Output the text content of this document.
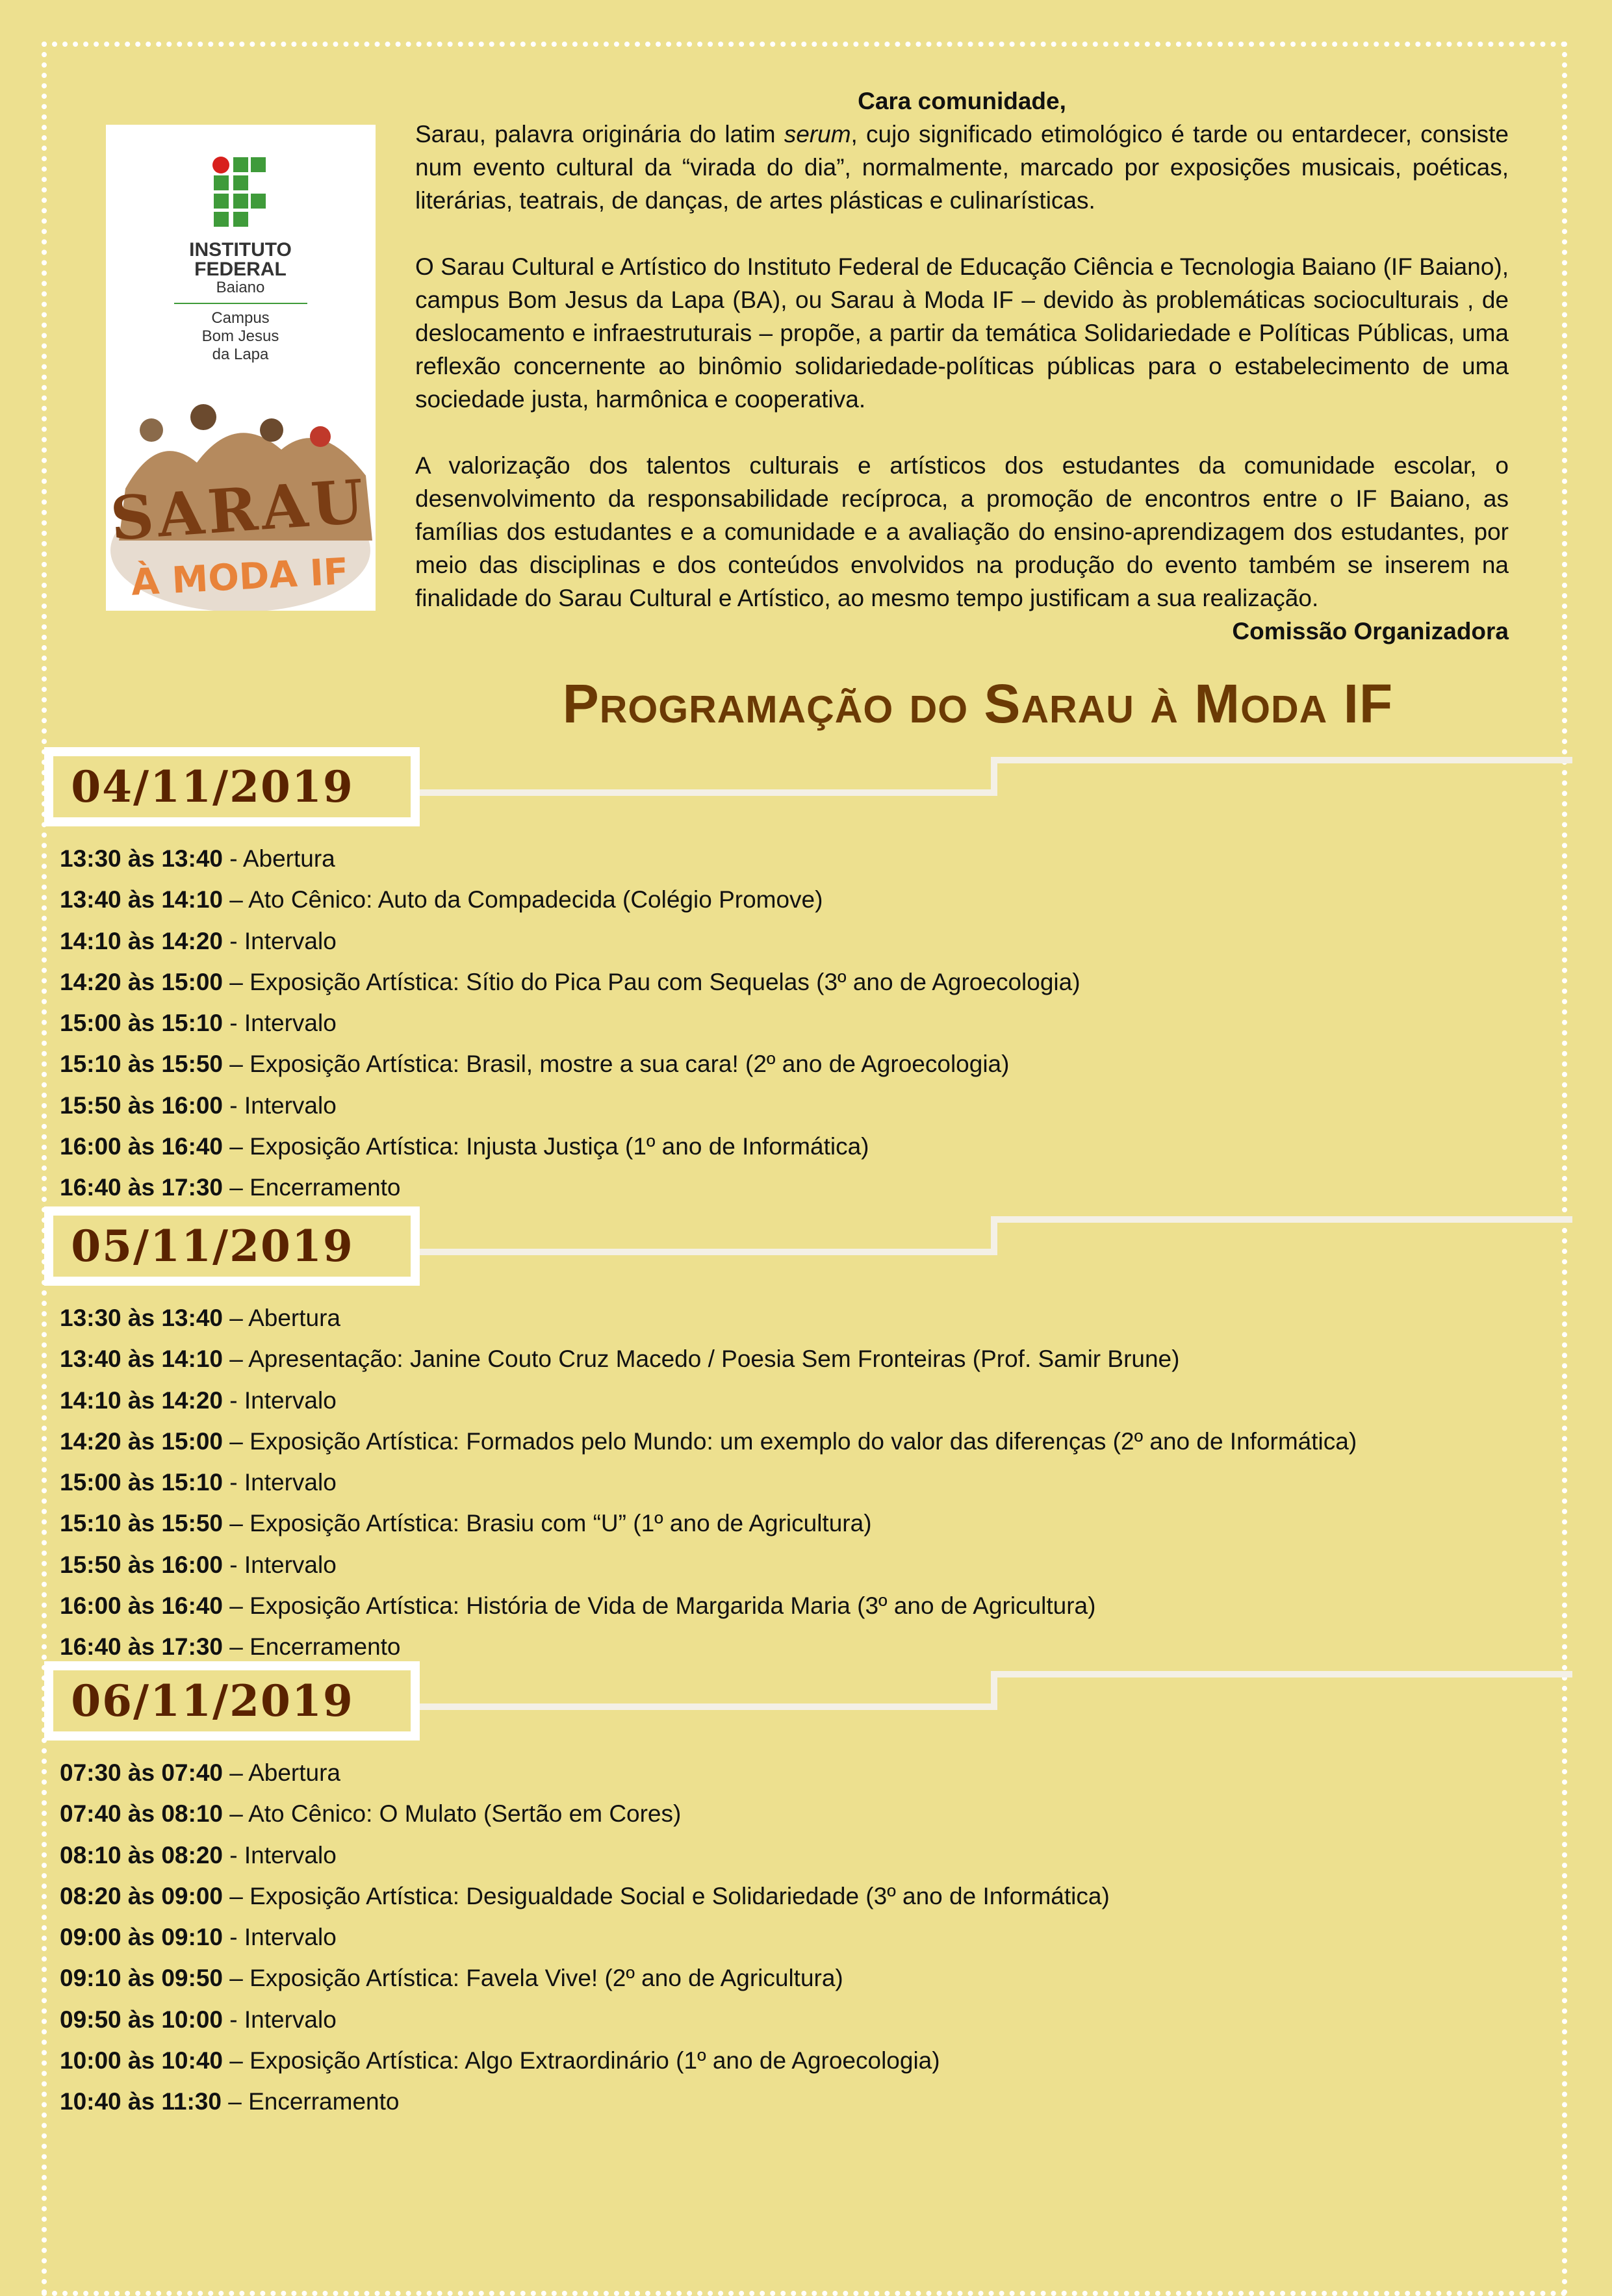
INSTITUTO
FEDERAL
Baiano
Campus
Bom Jesus
da Lapa
SARAU
À MODA IF

Cara comunidade,

Sarau, palavra originária do latim serum, cujo significado etimológico é tarde ou entardecer, consiste num evento cultural da “virada do dia”, normalmente, marcado por exposições musicais, poéticas, literárias, teatrais, de danças, de artes plásticas e culinarísticas.

O Sarau Cultural e Artístico do Instituto Federal de Educação Ciência e Tecnologia Baiano (IF Baiano), campus Bom Jesus da Lapa (BA), ou Sarau à Moda IF – devido às problemáticas socioculturais , de deslocamento e infraestruturais – propõe, a partir da temática Solidariedade e Políticas Públicas, uma reflexão concernente ao binômio solidariedade-políticas públicas para o estabelecimento de uma sociedade justa, harmônica e cooperativa.

A valorização dos talentos culturais e artísticos dos estudantes da comunidade escolar, o desenvolvimento da responsabilidade recíproca, a promoção de encontros entre o IF Baiano, as famílias dos estudantes e a comunidade e a avaliação do ensino-aprendizagem dos estudantes, por meio das disciplinas e dos conteúdos envolvidos na produção do evento também se inserem na finalidade do Sarau Cultural e Artístico, ao mesmo tempo justificam a sua realização.

Comissão Organizadora

Programação do Sarau à Moda IF
04/11/2019
13:30 às 13:40 - Abertura
13:40 às 14:10 – Ato Cênico: Auto da Compadecida (Colégio Promove)
14:10 às 14:20 - Intervalo
14:20 às 15:00 – Exposição Artística: Sítio do Pica Pau com Sequelas (3º ano de Agroecologia)
15:00 às 15:10 - Intervalo
15:10 às 15:50 – Exposição Artística: Brasil, mostre a sua cara! (2º ano de Agroecologia)
15:50 às 16:00 - Intervalo
16:00 às 16:40 – Exposição Artística: Injusta Justiça (1º ano de Informática)
16:40 às 17:30 – Encerramento
05/11/2019
13:30 às 13:40 – Abertura
13:40 às 14:10 – Apresentação: Janine Couto Cruz Macedo / Poesia Sem Fronteiras (Prof. Samir Brune)
14:10 às 14:20 - Intervalo
14:20 às 15:00 – Exposição Artística: Formados pelo Mundo: um exemplo do valor das diferenças (2º ano de Informática)
15:00 às 15:10 - Intervalo
15:10 às 15:50 – Exposição Artística: Brasiu com “U” (1º ano de Agricultura)
15:50 às 16:00 - Intervalo
16:00 às 16:40 – Exposição Artística: História de Vida de Margarida Maria (3º ano de Agricultura)
16:40 às 17:30 – Encerramento
06/11/2019
07:30 às 07:40 – Abertura
07:40 às 08:10 – Ato Cênico: O Mulato (Sertão em Cores)
08:10 às 08:20 - Intervalo
08:20 às 09:00 – Exposição Artística: Desigualdade Social e Solidariedade (3º ano de Informática)
09:00 às 09:10 - Intervalo
09:10 às 09:50 – Exposição Artística: Favela Vive! (2º ano de Agricultura)
09:50 às 10:00 - Intervalo
10:00 às 10:40 – Exposição Artística: Algo Extraordinário (1º ano de Agroecologia)
10:40 às 11:30 – Encerramento
